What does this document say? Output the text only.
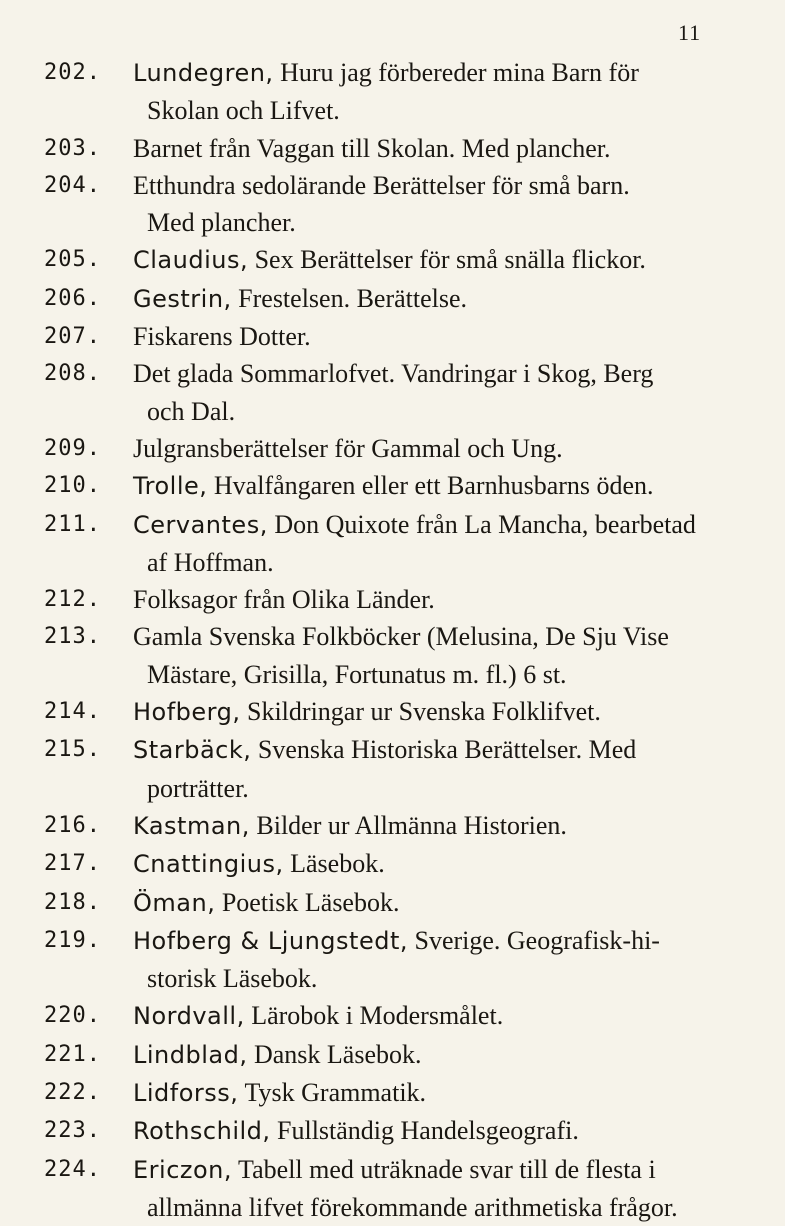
11
202.	Lundegren, Huru jag förbereder mina Barn för
Skolan och Lifvet.
203.	Barnet från Vaggan till Skolan. Med plancher.
204.	Etthundra sedolärande Berättelser för små barn.
Med plancher.
205.	Claudius, Sex Berättelser för små snälla flickor.
206.	Gestrin, Frestelsen. Berättelse.
207.	Fiskarens Dotter.
208.	Det glada Sommarlofvet. Vandringar i Skog, Berg
och Dal.
209.	Julgransberättelser för Gammal och Ung.
210.	Trolle, Hvalfångaren eller ett Barnhusbarns öden.
211.	Cervantes, Don Quixote från La Mancha, bearbetad
af Hoffman.
212.	Folksagor från Olika Länder.
213.	Gamla Svenska Folkböcker (Melusina, De Sju Vise
Mästare, Grisilla, Fortunatus m. fl.) 6 st.
214.	Hofberg, Skildringar ur Svenska Folklifvet.
215.	Starbäck, Svenska Historiska Berättelser. Med
porträtter.
216.	Kastman, Bilder ur Allmänna Historien.
217.	Cnattingius, Läsebok.
218.	Öman, Poetisk Läsebok.
219.	Hofberg & Ljungstedt, Sverige. Geografisk-hi-
storisk Läsebok.
220.	Nordvall, Lärobok i Modersmålet.
221.	Lindblad, Dansk Läsebok.
222.	Lidforss, Tysk Grammatik.
223.	Rothschild, Fullständig Handelsgeografi.
224.	Ericzon, Tabell med uträknade svar till de flesta i
allmänna lifvet förekommande arithmetiska frågor.
